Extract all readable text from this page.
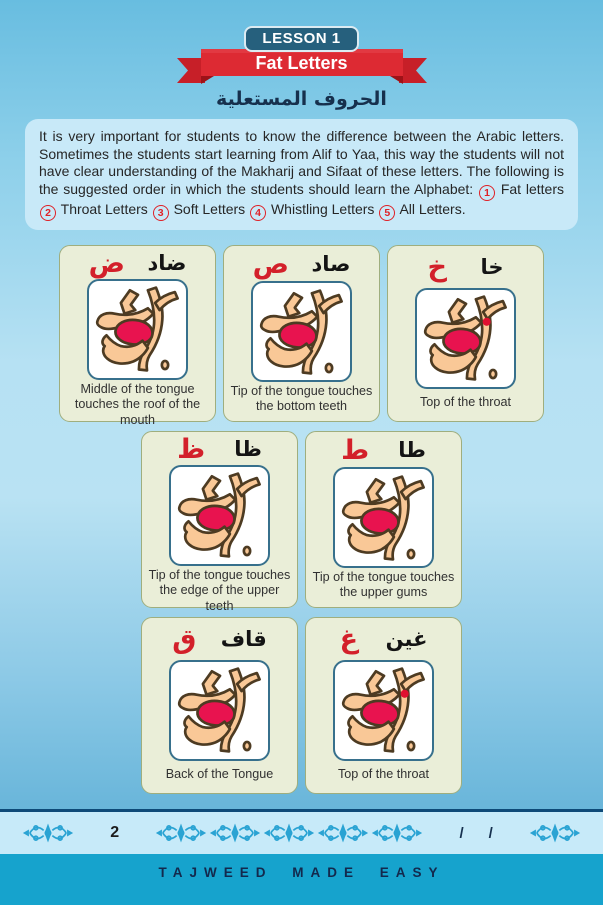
LESSON 1
Fat Letters
الحروف المستعلية
It is very important for students to know the difference between the Arabic letters. Sometimes the students start learning from Alif to Yaa, this way the students will not have clear understanding of the Makharij and Sifaat of these letters. The following is the suggested order in which the students should learn the Alphabet: 1 Fat letters 2 Throat Letters 3 Soft Letters 4 Whistling Letters 5 All Letters.
ض ضاد
Middle of the tongue touches the roof of the mouth
ص صاد
Tip of the tongue touches the bottom teeth
خ خا
Top of the throat
ظ ظا
Tip of the tongue touches the edge of the upper teeth
ط طا
Tip of the tongue touches the upper gums
ق قاف
Back of the Tongue
غ غين
Top of the throat
2	/      /
TAJWEED MADE EASY
